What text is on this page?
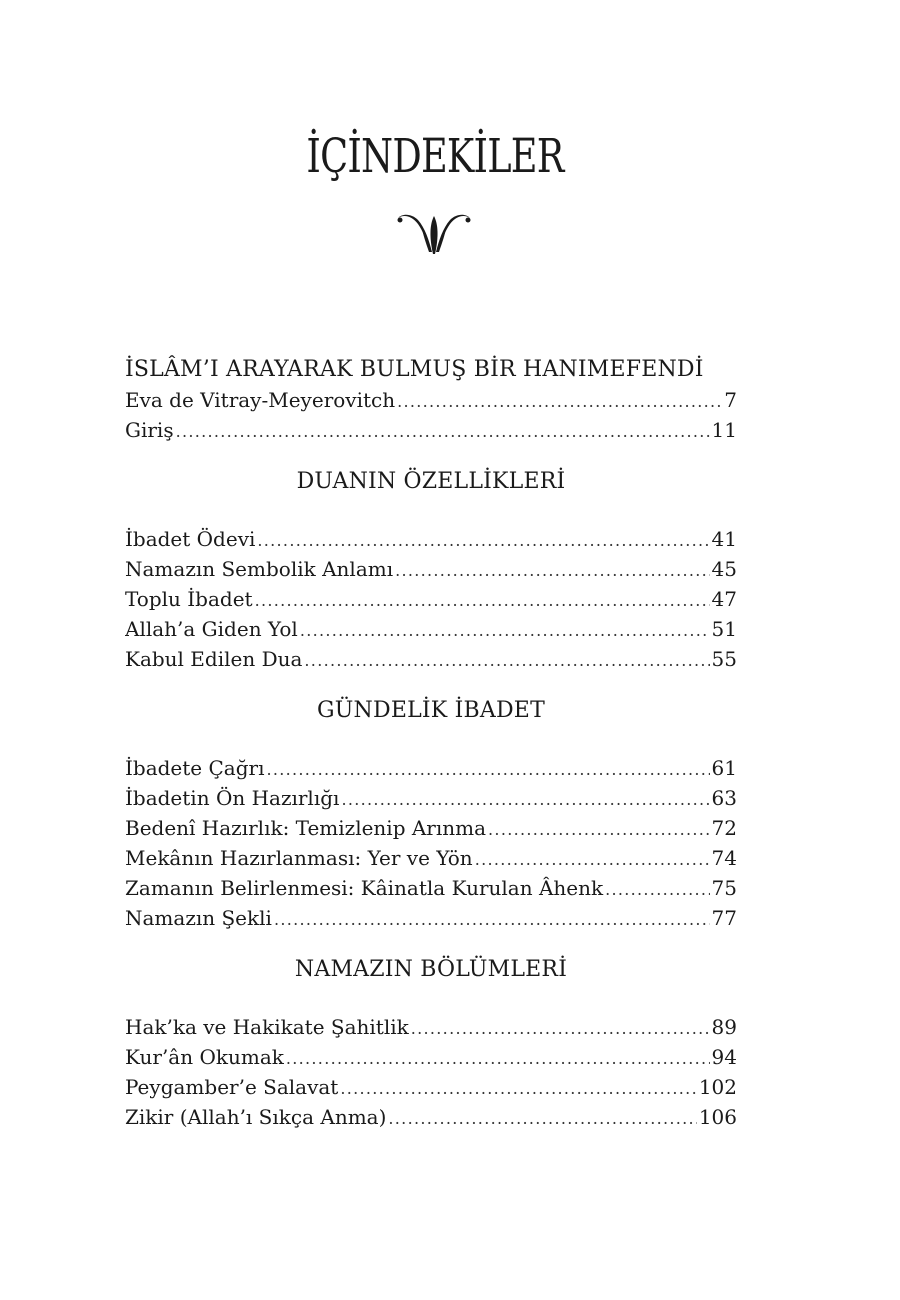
İÇİNDEKİLER
İSLÂM’I ARAYARAK BULMUŞ BİR HANIMEFENDİ
Eva de Vitray-Meyerovitch .....	7
Giriş .....	11
DUANIN ÖZELLİKLERİ
İbadet Ödevi .....	41
Namazın Sembolik Anlamı .....	45
Toplu İbadet .....	47
Allah’a Giden Yol .....	51
Kabul Edilen Dua .....	55
GÜNDELİK İBADET
İbadete Çağrı .....	61
İbadetin Ön Hazırlığı .....	63
Bedenî Hazırlık: Temizlenip Arınma .....	72
Mekânın Hazırlanması: Yer ve Yön .....	74
Zamanın Belirlenmesi: Kâinatla Kurulan Âhenk .....	75
Namazın Şekli .....	77
NAMAZIN BÖLÜMLERİ
Hak’ka ve Hakikate Şahitlik .....	89
Kur’ân Okumak .....	94
Peygamber’e Salavat .....	102
Zikir (Allah’ı Sıkça Anma) .....	106
